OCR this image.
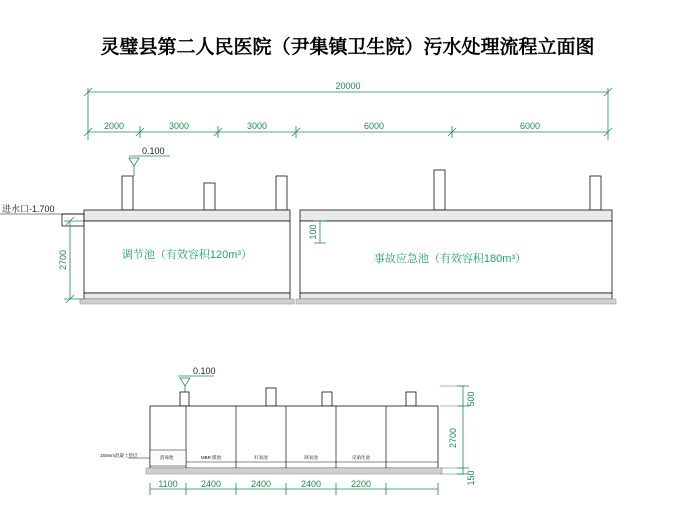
灵璧县第二人民医院（尹集镇卫生院）污水处理流程立面图
20000
2000	3000	3000	6000	6000
0.100
进水口-1.700
调节池（有效容积120m³）	事故应急池（有效容积180m³）
2700
100
0.100
消毒池	MBR 膜池	好氧池	缺氧池	反硝化池
150mm混凝土垫层
1100	2400	2400	2400	2200
500
2700
150
